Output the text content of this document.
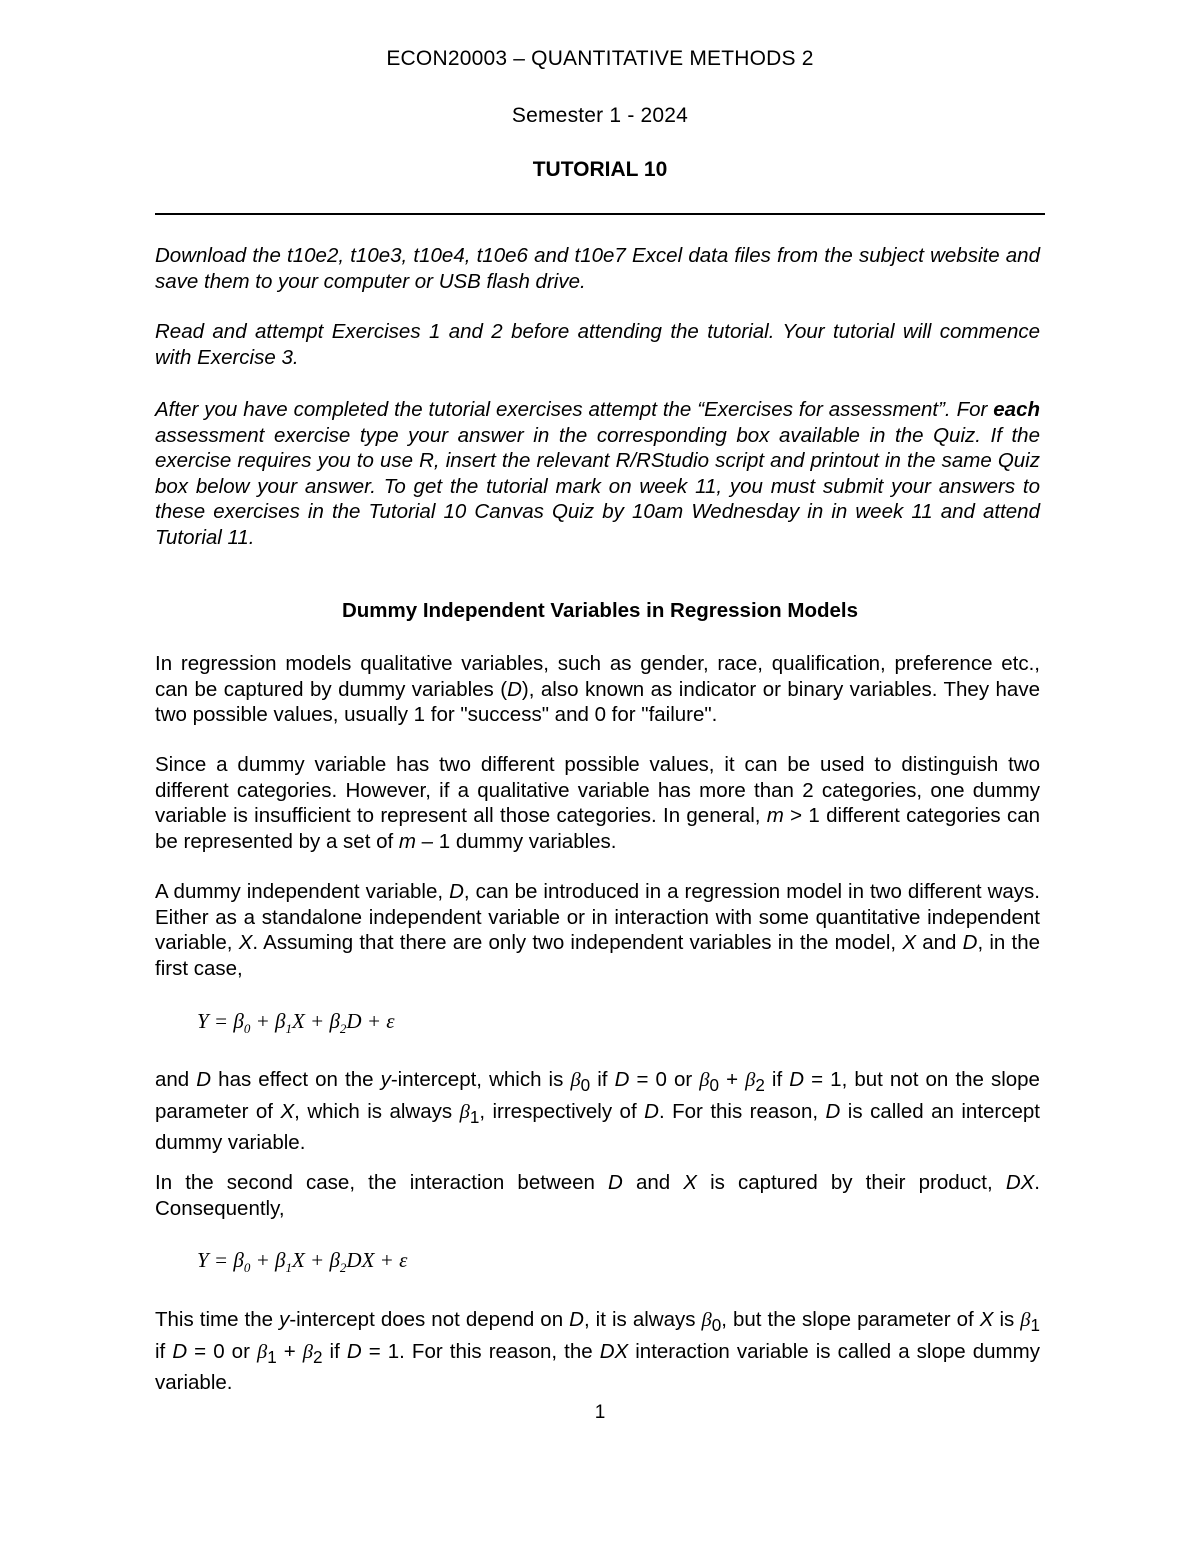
ECON20003 – QUANTITATIVE METHODS 2
Semester 1 - 2024
TUTORIAL 10
Download the t10e2, t10e3, t10e4, t10e6 and t10e7 Excel data files from the subject website and save them to your computer or USB flash drive.
Read and attempt Exercises 1 and 2 before attending the tutorial. Your tutorial will commence with Exercise 3.
After you have completed the tutorial exercises attempt the “Exercises for assessment”. For each assessment exercise type your answer in the corresponding box available in the Quiz. If the exercise requires you to use R, insert the relevant R/RStudio script and printout in the same Quiz box below your answer. To get the tutorial mark on week 11, you must submit your answers to these exercises in the Tutorial 10 Canvas Quiz by 10am Wednesday in in week 11 and attend Tutorial 11.
Dummy Independent Variables in Regression Models
In regression models qualitative variables, such as gender, race, qualification, preference etc., can be captured by dummy variables (D), also known as indicator or binary variables. They have two possible values, usually 1 for "success" and 0 for "failure".
Since a dummy variable has two different possible values, it can be used to distinguish two different categories. However, if a qualitative variable has more than 2 categories, one dummy variable is insufficient to represent all those categories. In general, m > 1 different categories can be represented by a set of m – 1 dummy variables.
A dummy independent variable, D, can be introduced in a regression model in two different ways. Either as a standalone independent variable or in interaction with some quantitative independent variable, X. Assuming that there are only two independent variables in the model, X and D, in the first case,
$Y = \beta_0 + \beta_1X + \beta_2D + \varepsilon$
and D has effect on the y-intercept, which is $\beta_0$ if D = 0 or $\beta_0 + \beta_2$ if D = 1, but not on the slope parameter of X, which is always $\beta_1$, irrespectively of D. For this reason, D is called an intercept dummy variable.
In the second case, the interaction between D and X is captured by their product, DX. Consequently,
$Y = \beta_0 + \beta_1X + \beta_2DX + \varepsilon$
This time the y-intercept does not depend on D, it is always $\beta_0$, but the slope parameter of X is $\beta_1$ if D = 0 or $\beta_1 + \beta_2$ if D = 1. For this reason, the DX interaction variable is called a slope dummy variable.
1
